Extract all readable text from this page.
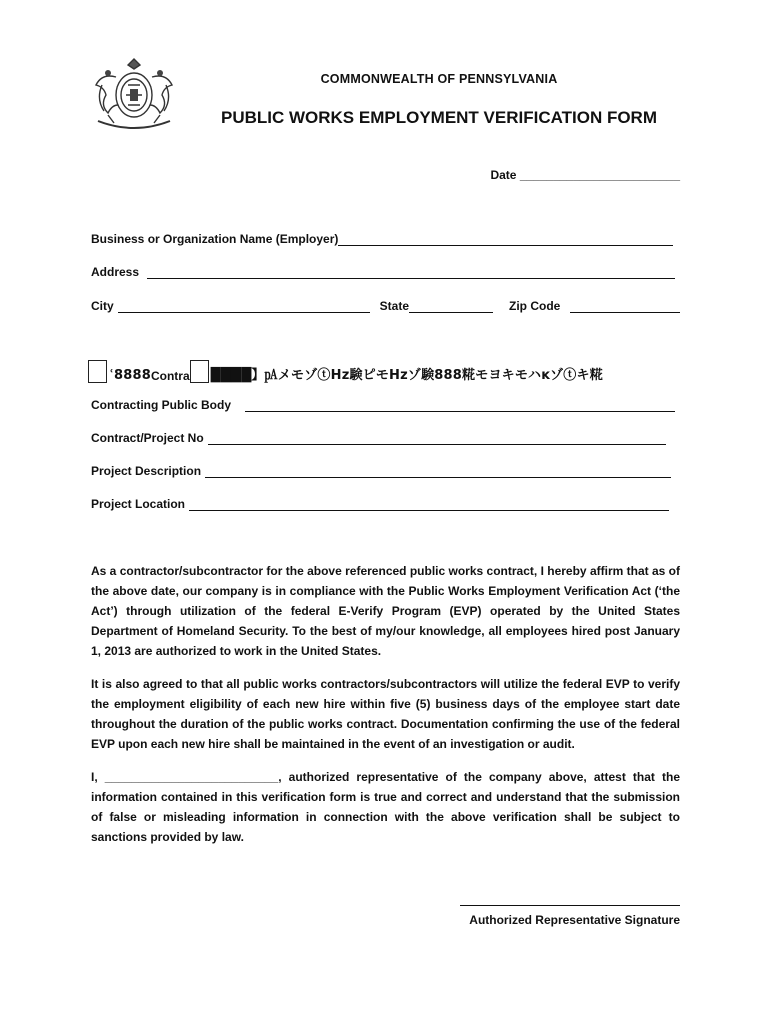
COMMONWEALTH OF PENNSYLVANIA
PUBLIC WORKS EMPLOYMENT VERIFICATION FORM
Date ________________________
Business or Organization Name (Employer)
Address
City	State	Zip Code
ʿ8888 Contra ████】㎀メモゾⓣHz験ピモHzゾ験888糀モヨキモハĸゾⓣキ糀
Contracting Public Body
Contract/Project No
Project Description
Project Location
As a contractor/subcontractor for the above referenced public works contract, I hereby affirm that as of the above date, our company is in compliance with the Public Works Employment Verification Act (‘the Act’) through utilization of the federal E-Verify Program (EVP) operated by the United States Department of Homeland Security. To the best of my/our knowledge, all employees hired post January 1, 2013 are authorized to work in the United States.
It is also agreed to that all public works contractors/subcontractors will utilize the federal EVP to verify the employment eligibility of each new hire within five (5) business days of the employee start date throughout the duration of the public works contract. Documentation confirming the use of the federal EVP upon each new hire shall be maintained in the event of an investigation or audit.
I, __________________________, authorized representative of the company above, attest that the information contained in this verification form is true and correct and understand that the submission of false or misleading information in connection with the above verification shall be subject to sanctions provided by law.
Authorized Representative Signature
